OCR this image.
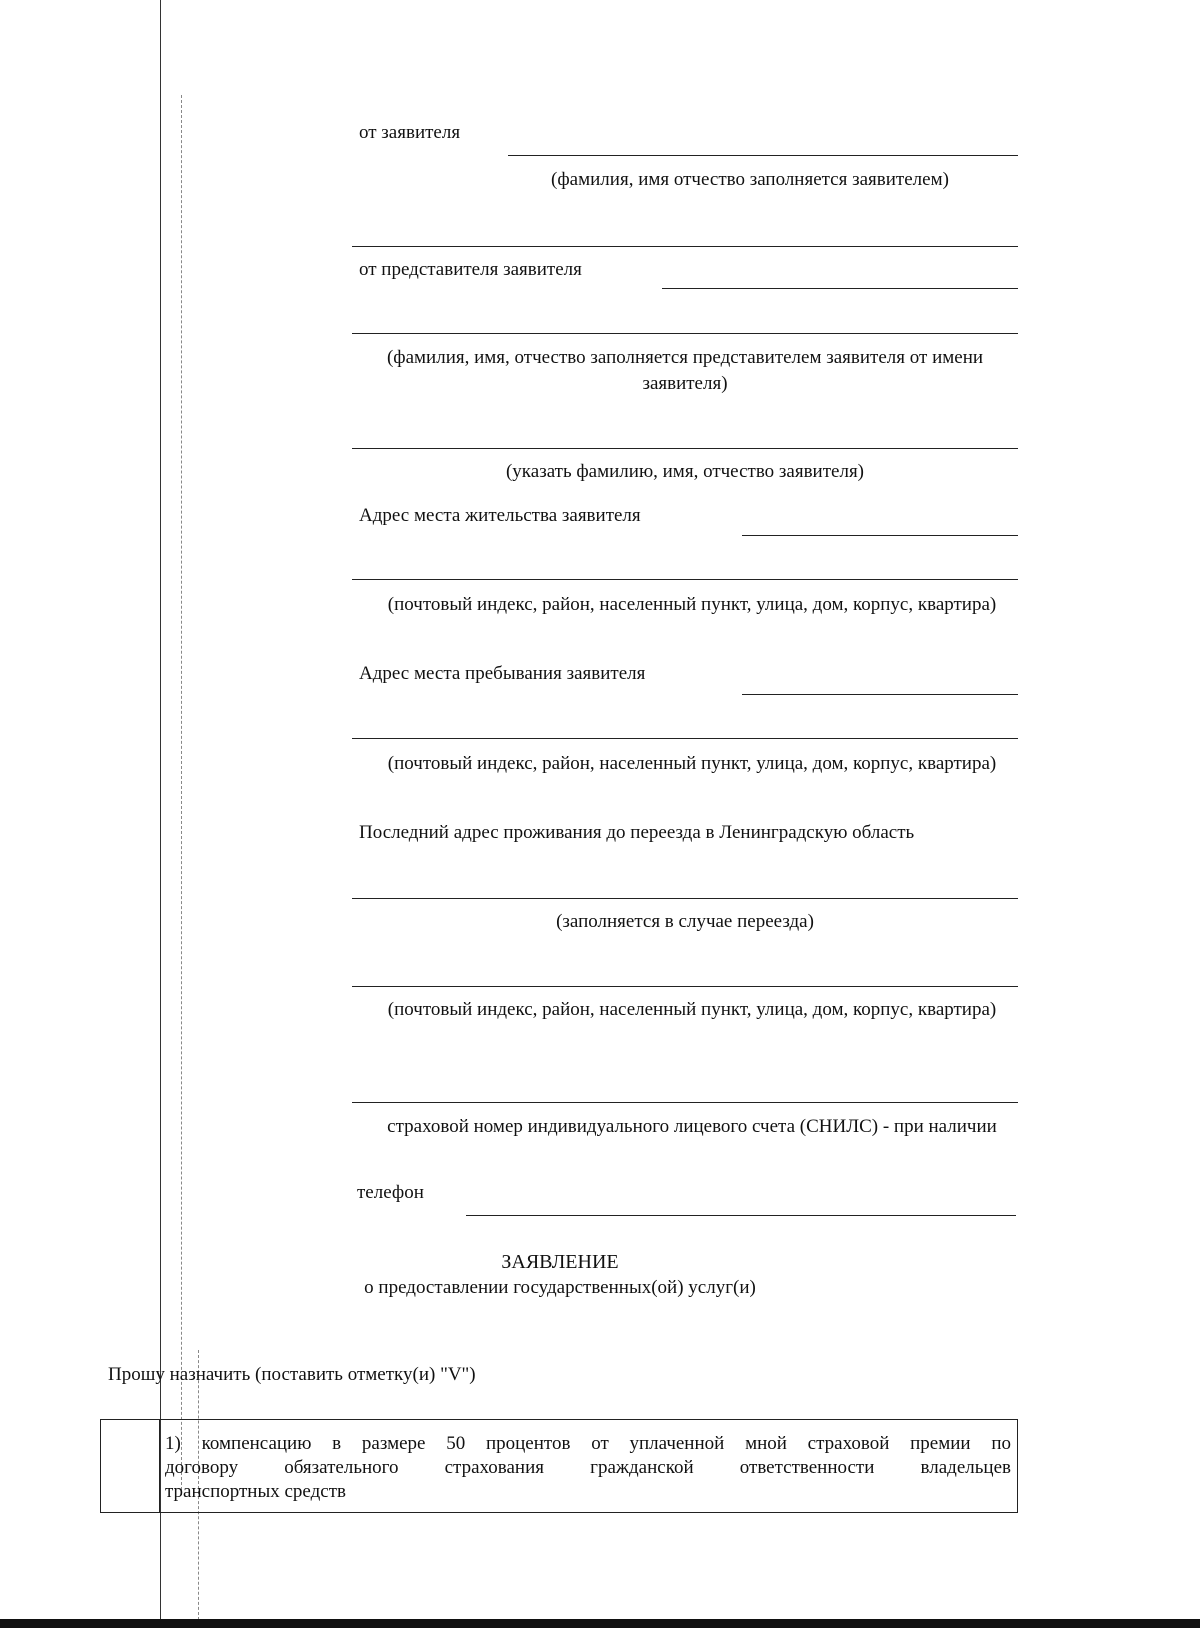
от заявителя
(фамилия, имя отчество заполняется заявителем)
от представителя заявителя
(фамилия, имя, отчество заполняется представителем заявителя от имени заявителя)
(указать фамилию, имя, отчество заявителя)
Адрес места жительства заявителя
(почтовый индекс, район, населенный пункт, улица, дом, корпус, квартира)
Адрес места пребывания заявителя
(почтовый индекс, район, населенный пункт, улица, дом, корпус, квартира)
Последний адрес проживания до переезда в Ленинградскую область
(заполняется в случае переезда)
(почтовый индекс, район, населенный пункт, улица, дом, корпус, квартира)
страховой номер индивидуального лицевого счета (СНИЛС) - при наличии
телефон
ЗАЯВЛЕНИЕ
о предоставлении государственных(ой) услуг(и)
Прошу назначить (поставить отметку(и) "V")
1) компенсацию в размере 50 процентов от уплаченной мной страховой премии по
договору обязательного страхования гражданской ответственности владельцев
транспортных средств
